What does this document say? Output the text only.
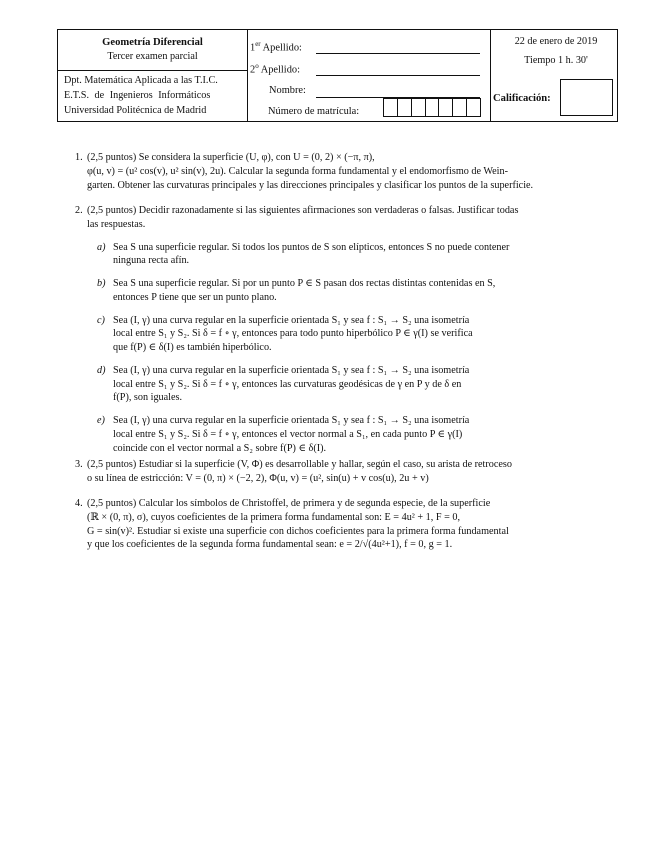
Geometría Diferencial
Tercer examen parcial
Dpt. Matemática Aplicada a las T.I.C.
E.T.S. de Ingenieros Informáticos
Universidad Politécnica de Madrid
22 de enero de 2019
Tiempo 1 h. 30'
Calificación:
1er Apellido:
2$^o$ Apellido:
Nombre:
Número de matrícula:
1. (2,5 puntos) Se considera la superficie (U, φ), con U = (0, 2) × (−π, π),
φ(u, v) = (u² cos(v), u² sin(v), 2u). Calcular la segunda forma fundamental y el endomorfismo de Wein-
garten. Obtener las curvaturas principales y las direcciones principales y clasificar los puntos de la superficie.
2. (2,5 puntos) Decidir razonadamente si las siguientes afirmaciones son verdaderas o falsas. Justificar todas
las respuestas.
a) Sea S una superficie regular. Si todos los puntos de S son elípticos, entonces S no puede contener
ninguna recta afín.
b) Sea S una superficie regular. Si por un punto P ∈ S pasan dos rectas distintas contenidas en S,
entonces P tiene que ser un punto plano.
c) Sea (I, γ) una curva regular en la superficie orientada S₁ y sea f : S₁ → S₂ una isometría
local entre S₁ y S₂. Si δ = f ∘ γ, entonces para todo punto hiperbólico P ∈ γ(I) se verifica
que f(P) ∈ δ(I) es también hiperbólico.
d) Sea (I, γ) una curva regular en la superficie orientada S₁ y sea f : S₁ → S₂ una isometría
local entre S₁ y S₂. Si δ = f ∘ γ, entonces las curvaturas geodésicas de γ en P y de δ en
f(P), son iguales.
e) Sea (I, γ) una curva regular en la superficie orientada S₁ y sea f : S₁ → S₂ una isometría
local entre S₁ y S₂. Si δ = f ∘ γ, entonces el vector normal a S₁, en cada punto P ∈ γ(I)
coincide con el vector normal a S₂ sobre f(P) ∈ δ(I).
3. (2,5 puntos) Estudiar si la superficie (V, Φ) es desarrollable y hallar, según el caso, su arista de retroceso
o su línea de estricción: V = (0, π) × (−2, 2), Φ(u, v) = (u², sin(u) + v cos(u), 2u + v)
4. (2,5 puntos) Calcular los símbolos de Christoffel, de primera y de segunda especie, de la superficie
(ℝ × (0, π), σ), cuyos coeficientes de la primera forma fundamental son: E = 4u² + 1, F = 0,
G = sin(v)². Estudiar si existe una superficie con dichos coeficientes para la primera forma fundamental
y que los coeficientes de la segunda forma fundamental sean: e = 2/√(4u²+1), f = 0, g = 1.
